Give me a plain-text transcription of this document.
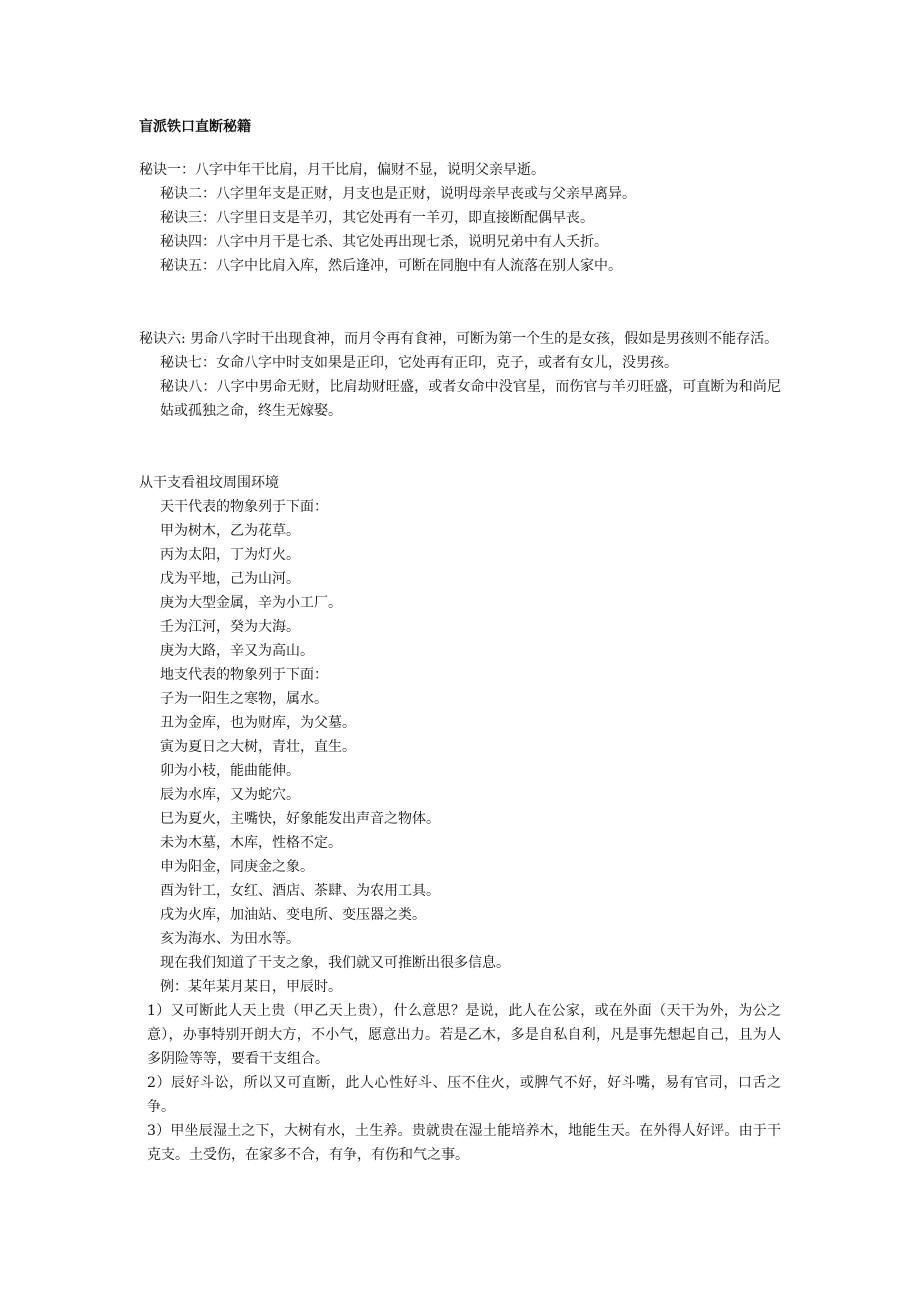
盲派铁口直断秘籍

秘诀一：八字中年干比肩，月干比肩，偏财不显，说明父亲早逝。

秘诀二：八字里年支是正财，月支也是正财，说明母亲早丧或与父亲早离异。

秘诀三：八字里日支是羊刃，其它处再有一羊刃，即直接断配偶早丧。

秘诀四：八字中月干是七杀、其它处再出现七杀，说明兄弟中有人夭折。

秘诀五：八字中比肩入库，然后逢冲，可断在同胞中有人流落在别人家中。

秘诀六: 男命八字时干出现食神，而月令再有食神，可断为第一个生的是女孩，假如是男孩则不能存活。

秘诀七：女命八字中时支如果是正印，它处再有正印，克子，或者有女儿，没男孩。

秘诀八：八字中男命无财，比肩劫财旺盛，或者女命中没官星，而伤官与羊刃旺盛，可直断为和尚尼姑或孤独之命，终生无嫁娶。

从干支看祖坟周围环境

天干代表的物象列于下面：

甲为树木，乙为花草。

丙为太阳，丁为灯火。

戊为平地，己为山河。

庚为大型金属，辛为小工厂。

壬为江河，癸为大海。

庚为大路，辛又为高山。

地支代表的物象列于下面：

子为一阳生之寒物，属水。

丑为金库，也为财库，为父墓。

寅为夏日之大树，青壮，直生。

卯为小枝，能曲能伸。

辰为水库，又为蛇穴。

巳为夏火，主嘴快，好象能发出声音之物体。

未为木墓，木库，性格不定。

申为阳金，同庚金之象。

酉为针工，女红、酒店、茶肆、为农用工具。

戌为火库，加油站、变电所、变压器之类。

亥为海水、为田水等。

现在我们知道了干支之象，我们就又可推断出很多信息。

例：某年某月某日，甲辰时。

1）又可断此人天上贵（甲乙天上贵），什么意思？是说，此人在公家，或在外面（天干为外，为公之意），办事特别开朗大方，不小气，愿意出力。若是乙木，多是自私自利，凡是事先想起自己，且为人多阴险等等，要看干支组合。

2）辰好斗讼，所以又可直断，此人心性好斗、压不住火，或脾气不好，好斗嘴，易有官司，口舌之争。

3）甲坐辰湿土之下，大树有水，土生养。贵就贵在湿土能培养木，地能生天。在外得人好评。由于干克支。土受伤，在家多不合，有争，有伤和气之事。
